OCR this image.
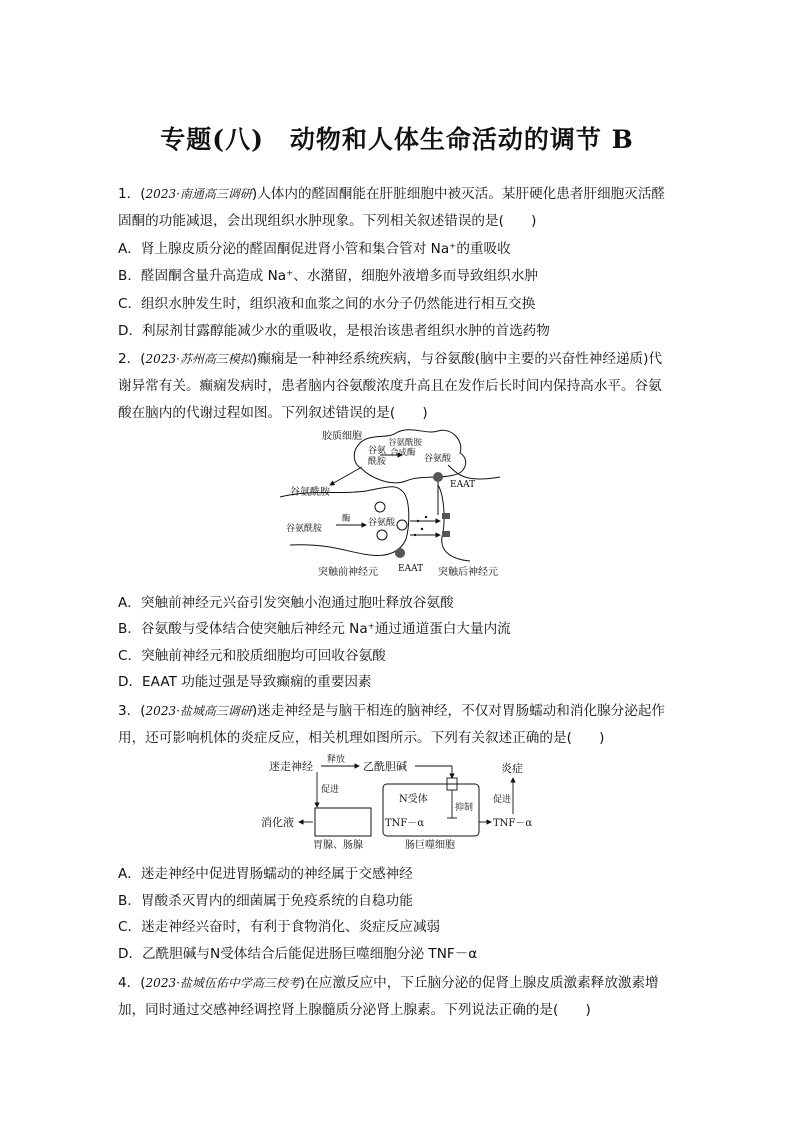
专题(八)　动物和人体生命活动的调节 B
1．(2023·南通高三调研)人体内的醛固酮能在肝脏细胞中被灭活。某肝硬化患者肝细胞灭活醛
固酮的功能减退，会出现组织水肿现象。下列相关叙述错误的是(　　)
A．肾上腺皮质分泌的醛固酮促进肾小管和集合管对 Na⁺的重吸收
B．醛固酮含量升高造成 Na⁺、水潴留，细胞外液增多而导致组织水肿
C．组织水肿发生时，组织液和血浆之间的水分子仍然能进行相互交换
D．利尿剂甘露醇能减少水的重吸收，是根治该患者组织水肿的首选药物
2．(2023·苏州高三模拟)癫痫是一种神经系统疾病，与谷氨酸(脑中主要的兴奋性神经递质)代
谢异常有关。癫痫发病时，患者脑内谷氨酸浓度升高且在发作后长时间内保持高水平。谷氨
酸在脑内的代谢过程如图。下列叙述错误的是(　　)
胶质细胞
谷氨酰胺
合成酶
谷氨
酰胺	谷氨酸
EAAT
谷氨酰胺
酶
谷氨酰胺
谷氨酸
EAAT
突触前神经元	突触后神经元
A．突触前神经元兴奋引发突触小泡通过胞吐释放谷氨酸
B．谷氨酸与受体结合使突触后神经元 Na⁺通过通道蛋白大量内流
C．突触前神经元和胶质细胞均可回收谷氨酸
D．EAAT 功能过强是导致癫痫的重要因素
3．(2023·盐城高三调研)迷走神经是与脑干相连的脑神经，不仅对胃肠蠕动和消化腺分泌起作
用，还可影响机体的炎症反应，相关机理如图所示。下列有关叙述正确的是(　　)
迷走神经 释放 乙酰胆碱	炎症
促进
N受体
抑制
消化液	TNF－α	TNF－α
促进
胃腺、肠腺	肠巨噬细胞
A．迷走神经中促进胃肠蠕动的神经属于交感神经
B．胃酸杀灭胃内的细菌属于免疫系统的自稳功能
C．迷走神经兴奋时，有利于食物消化、炎症反应减弱
D．乙酰胆碱与N受体结合后能促进肠巨噬细胞分泌 TNF－α
4．(2023·盐城伍佑中学高三校考)在应激反应中，下丘脑分泌的促肾上腺皮质激素释放激素增
加，同时通过交感神经调控肾上腺髓质分泌肾上腺素。下列说法正确的是(　　)
